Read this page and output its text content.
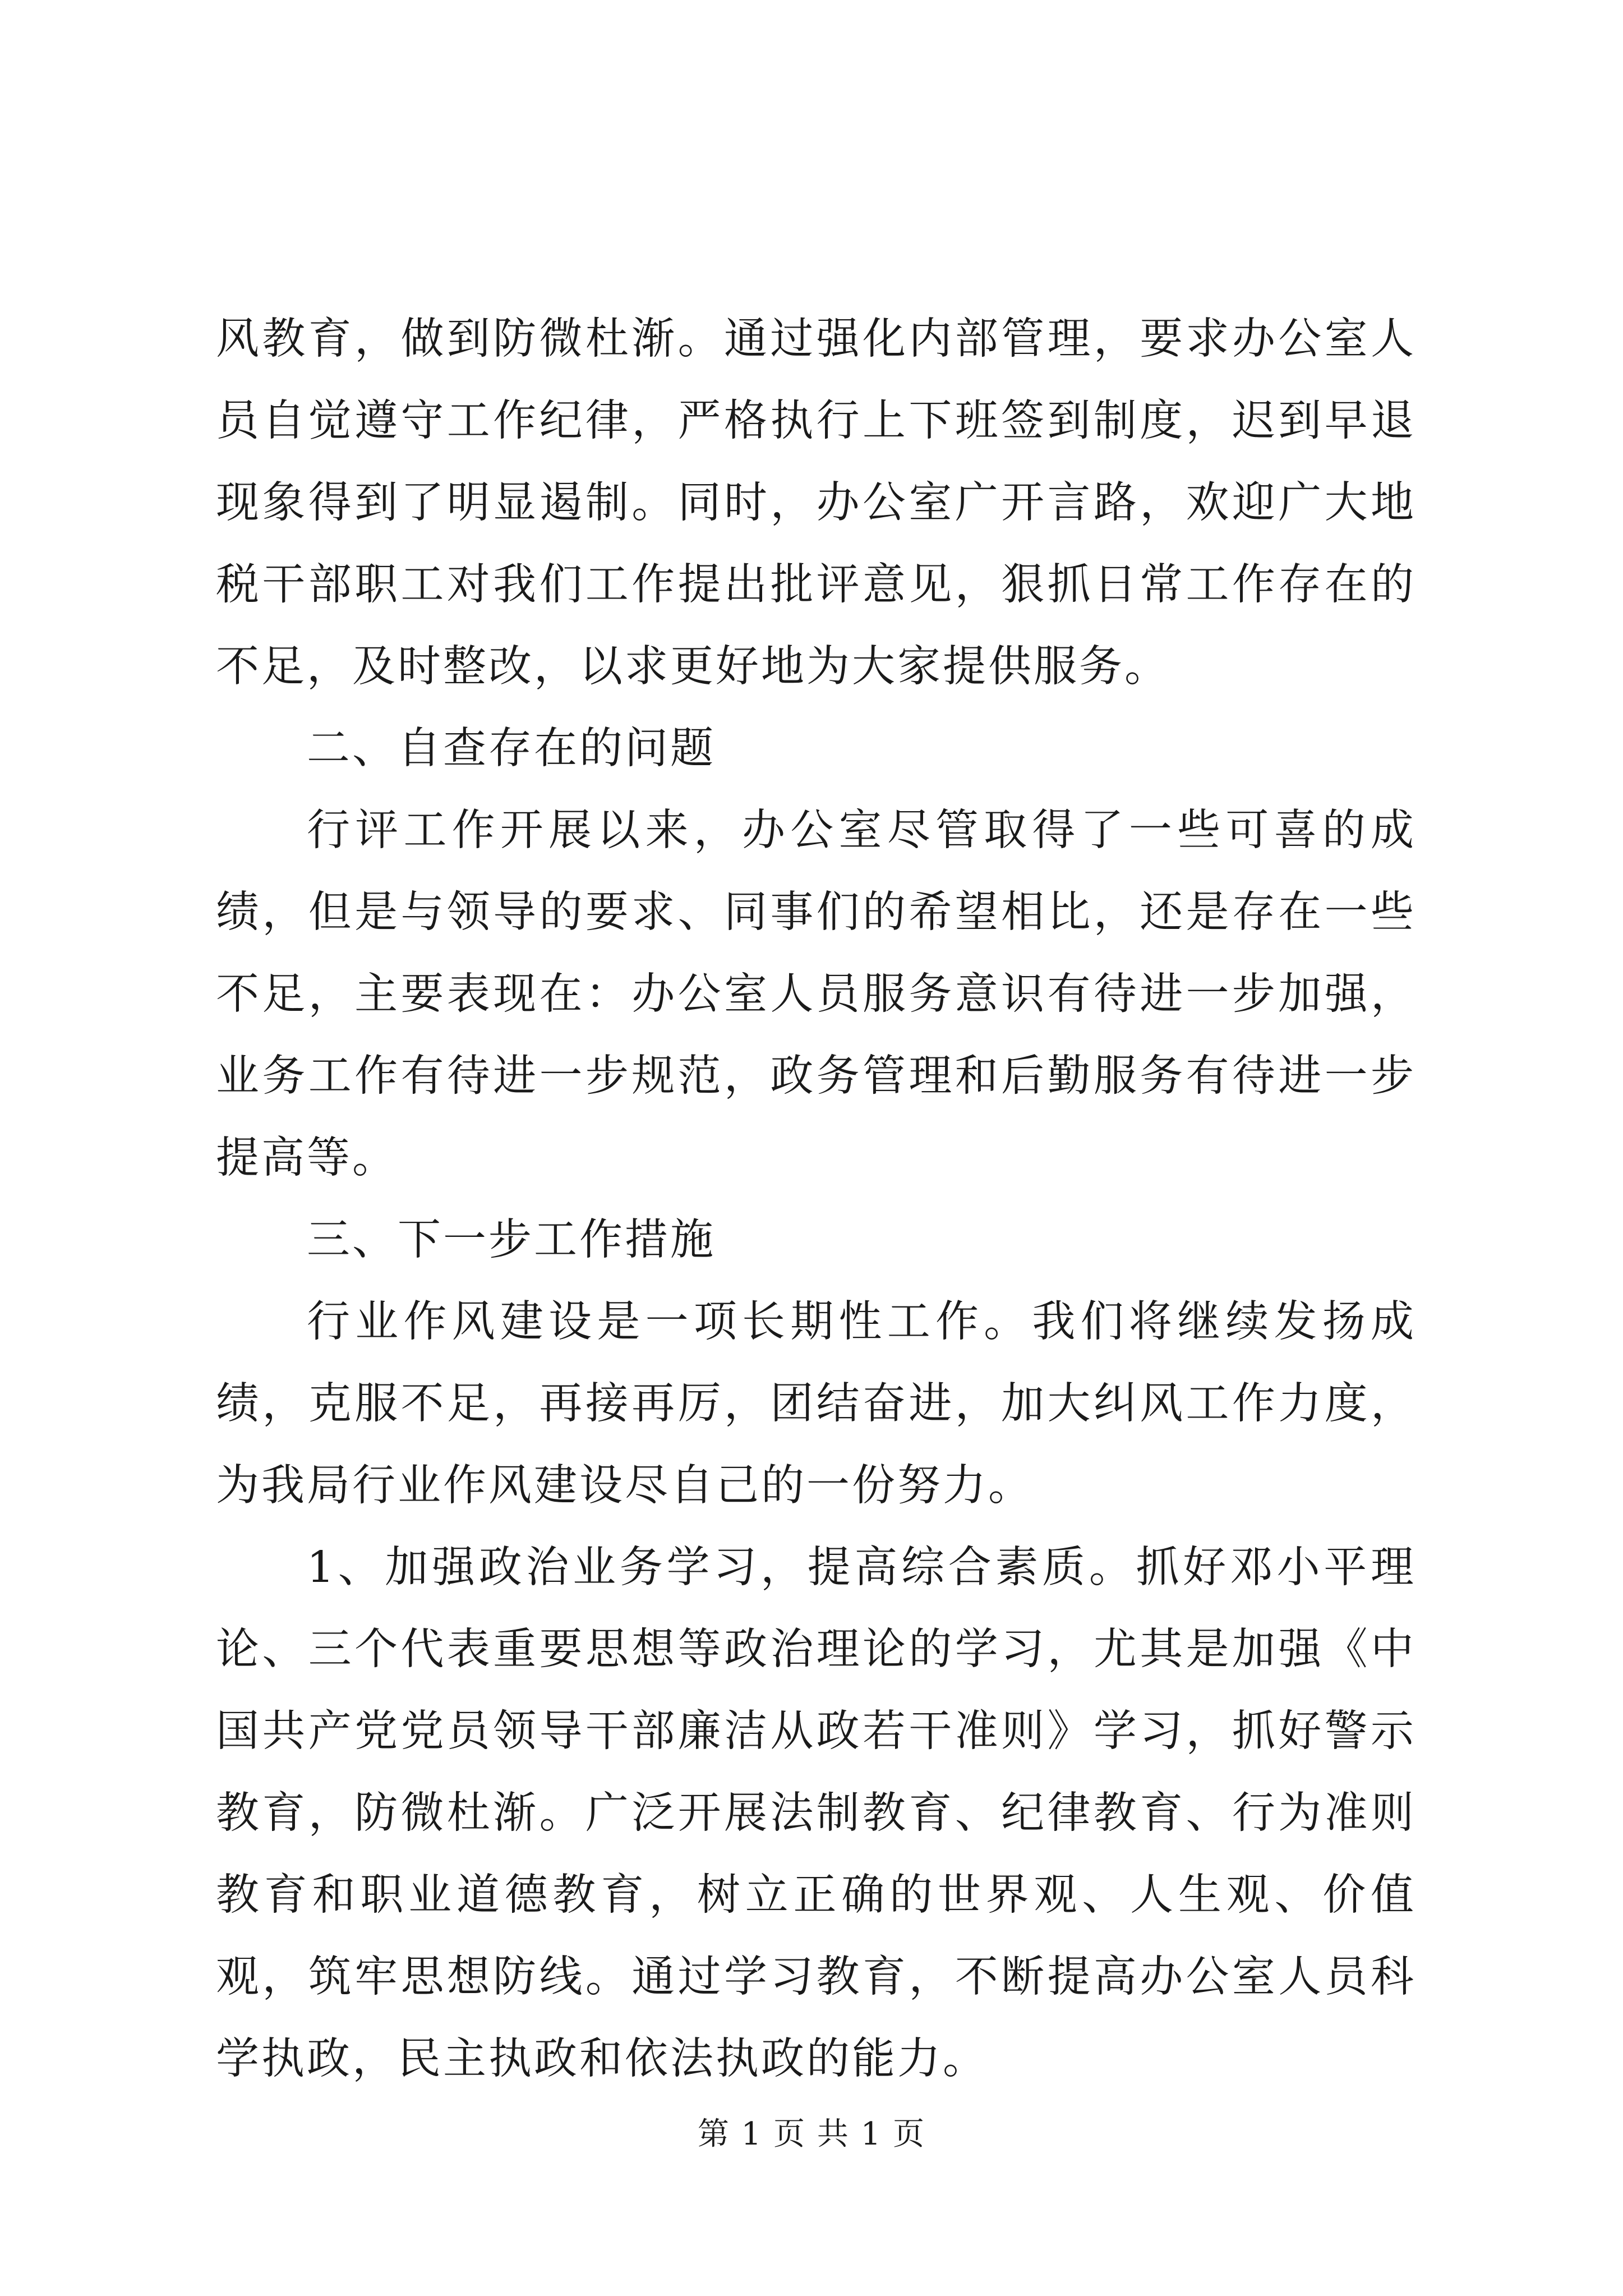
风教育，做到防微杜渐。通过强化内部管理，要求办公室人员自觉遵守工作纪律，严格执行上下班签到制度，迟到早退现象得到了明显遏制。同时，办公室广开言路，欢迎广大地税干部职工对我们工作提出批评意见，狠抓日常工作存在的不足，及时整改，以求更好地为大家提供服务。

二、自查存在的问题

行评工作开展以来，办公室尽管取得了一些可喜的成绩，但是与领导的要求、同事们的希望相比，还是存在一些不足，主要表现在：办公室人员服务意识有待进一步加强，业务工作有待进一步规范，政务管理和后勤服务有待进一步提高等。

三、下一步工作措施

行业作风建设是一项长期性工作。我们将继续发扬成绩，克服不足，再接再厉，团结奋进，加大纠风工作力度，为我局行业作风建设尽自己的一份努力。

1、加强政治业务学习，提高综合素质。抓好邓小平理论、三个代表重要思想等政治理论的学习，尤其是加强《中国共产党党员领导干部廉洁从政若干准则》学习，抓好警示教育，防微杜渐。广泛开展法制教育、纪律教育、行为准则教育和职业道德教育，树立正确的世界观、人生观、价值观，筑牢思想防线。通过学习教育，不断提高办公室人员科学执政，民主执政和依法执政的能力。

第 1 页 共 1 页
